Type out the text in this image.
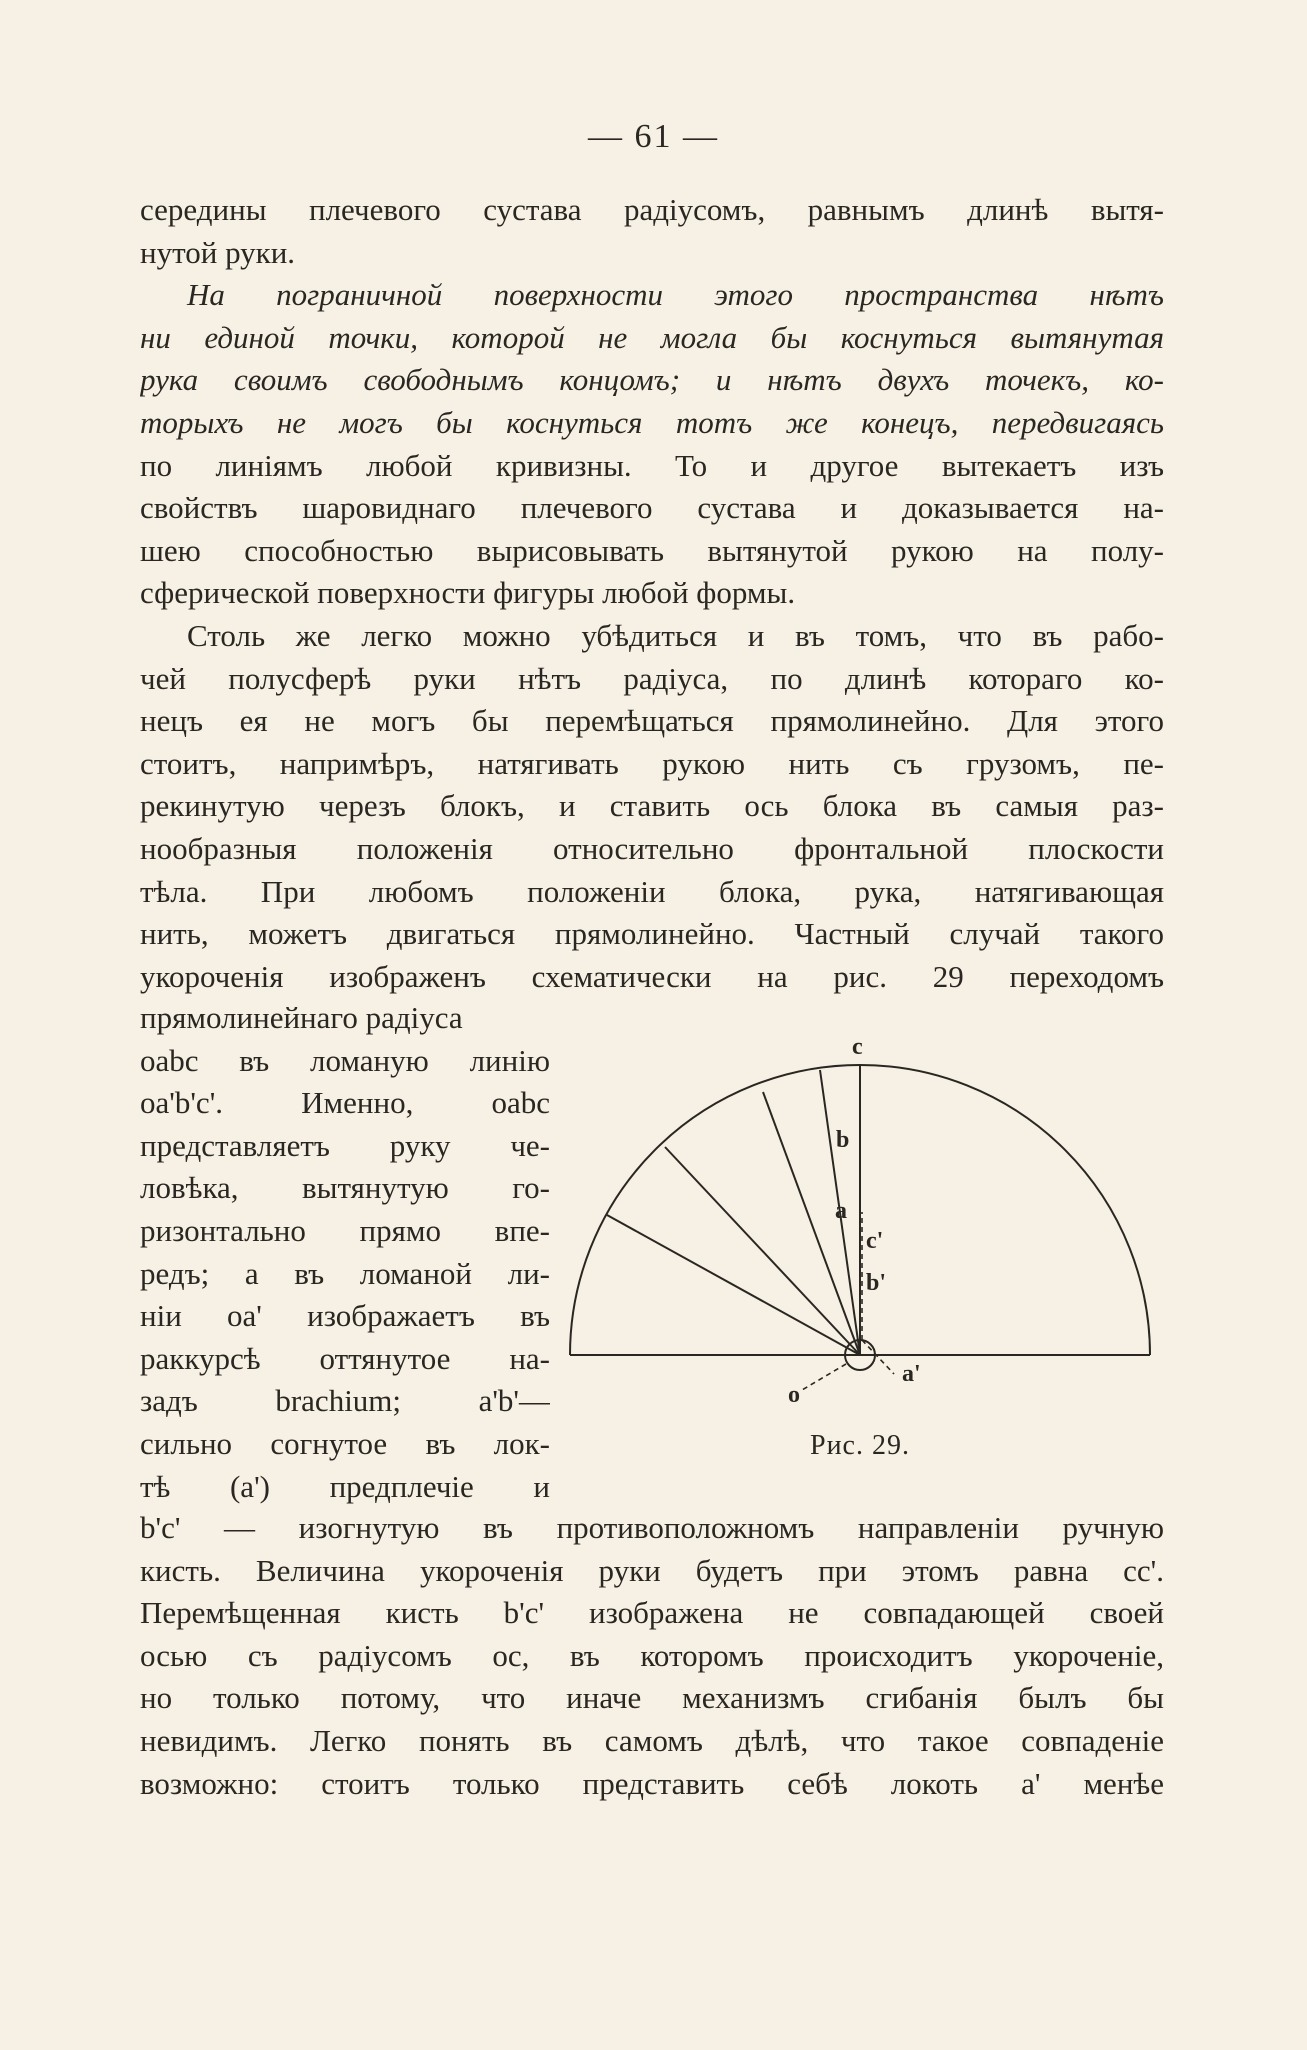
— 61 —
середины плечевого сустава радіусомъ, равнымъ длинѣ вытя-
нутой руки.
На пограничной поверхности этого пространства нѣтъ
ни единой точки, которой не могла бы коснуться вытянутая
рука своимъ свободнымъ концомъ; и нѣтъ двухъ точекъ, ко-
торыхъ не могъ бы коснуться тотъ же конецъ, передвигаясь
по линіямъ любой кривизны. То и другое вытекаетъ изъ
свойствъ шаровиднаго плечевого сустава и доказывается на-
шею способностью вырисовывать вытянутой рукою на полу-
сферической поверхности фигуры любой формы.
Столь же легко можно убѣдиться и въ томъ, что въ рабо-
чей полусферѣ руки нѣтъ радіуса, по длинѣ котораго ко-
нецъ ея не могъ бы перемѣщаться прямолинейно. Для этого
стоитъ, напримѣръ, натягивать рукою нить съ грузомъ, пе-
рекинутую черезъ блокъ, и ставить ось блока въ самыя раз-
нообразныя положенія относительно фронтальной плоскости
тѣла. При любомъ положеніи блока, рука, натягивающая
нить, можетъ двигаться прямолинейно. Частный случай такого
укороченія изображенъ схематически на рис. 29 переходомъ
прямолинейнаго радіуса
oabc въ ломаную линію
oa'b'c'. Именно, oabc
представляетъ руку че-
ловѣка, вытянутую го-
ризонтально прямо впе-
редъ; а въ ломаной ли-
ніи oa' изображаетъ въ
раккурсѣ оттянутое на-
задъ brachium; a'b'—
сильно согнутое въ лок-
тѣ (a') предплечіе и
c
b
a
c'
b'
a'
o
Рис. 29.
b'c' — изогнутую въ противоположномъ направленіи ручную
кисть. Величина укороченія руки будетъ при этомъ равна cc'.
Перемѣщенная кисть b'c' изображена не совпадающей своей
осью съ радіусомъ oc, въ которомъ происходитъ укороченіе,
но только потому, что иначе механизмъ сгибанія былъ бы
невидимъ. Легко понять въ самомъ дѣлѣ, что такое совпаденіе
возможно: стоитъ только представить себѣ локоть a' менѣе
